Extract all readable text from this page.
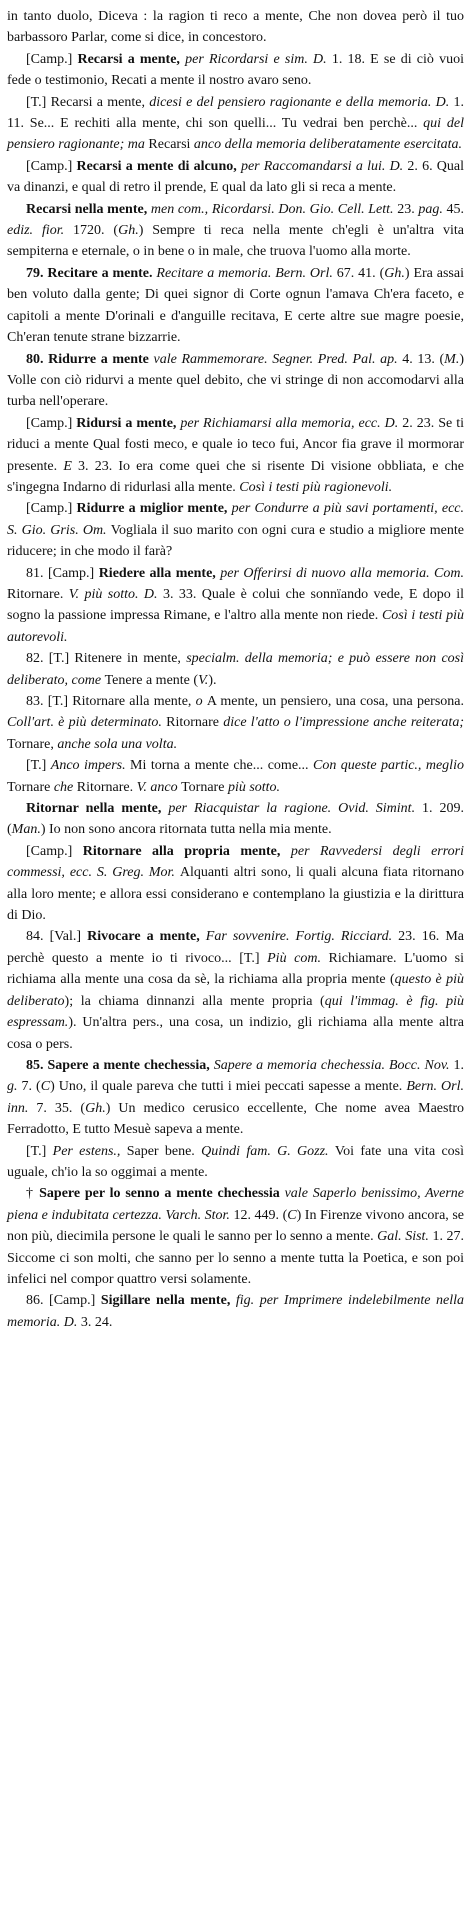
in tanto duolo, Diceva : la ragion ti reco a mente, Che non dovea però il tuo barbassoro Parlar, come si dice, in concestoro.

[Camp.] Recarsi a mente, per Ricordarsi e sim. D. 1. 18. E se di ciò vuoi fede o testimonio, Recati a mente il nostro avaro seno.

[T.] Recarsi a mente, dicesi e del pensiero ragionante e della memoria. D. 1. 11. Se... E rechiti alla mente, chi son quelli... Tu vedrai ben perchè... qui del pensiero ragionante; ma Recarsi anco della memoria deliberatamente esercitata.

[Camp.] Recarsi a mente di alcuno, per Raccomandarsi a lui. D. 2. 6. Qual va dinanzi, e qual di retro il prende, E qual da lato gli si reca a mente.

Recarsi nella mente, men com., Ricordarsi. Don. Gio. Cell. Lett. 23. pag. 45. ediz. fior. 1720. (Gh.) Sempre ti reca nella mente ch'egli è un'altra vita sempiterna e eternale, o in bene o in male, che truova l'uomo alla morte.

79. Recitare a mente. Recitare a memoria. Bern. Orl. 67. 41. (Gh.) Era assai ben voluto dalla gente; Di quei signor di Corte ognun l'amava Ch'era faceto, e capitoli a mente D'orinali e d'anguille recitava, E certe altre sue magre poesie, Ch'eran tenute strane bizzarrie.

80. Ridurre a mente vale Rammemorare. Segner. Pred. Pal. ap. 4. 13. (M.) Volle con ciò ridurvi a mente quel debito, che vi stringe di non accomodarvi alla turba nell'operare.

[Camp.] Ridursi a mente, per Richiamarsi alla memoria, ecc. D. 2. 23. Se ti riduci a mente Qual fosti meco, e quale io teco fui, Ancor fia grave il mormorar presente. E 3. 23. Io era come quei che si risente Di visione obbliata, e che s'ingegna Indarno di ridurlasi alla mente. Così i testi più ragionevoli.

[Camp.] Ridurre a miglior mente, per Condurre a più savi portamenti, ecc. S. Gio. Gris. Om. Vogliala il suo marito con ogni cura e studio a migliore mente riducere; in che modo il farà?

81. [Camp.] Riedere alla mente, per Offerirsi di nuovo alla memoria. Com. Ritornare. V. più sotto. D. 3. 33. Quale è colui che sonnïando vede, E dopo il sogno la passione impressa Rimane, e l'altro alla mente non riede. Così i testi più autorevoli.

82. [T.] Ritenere in mente, specialm. della memoria; e può essere non così deliberato, come Tenere a mente (V.).

83. [T.] Ritornare alla mente, o A mente, un pensiero, una cosa, una persona. Coll'art. è più determinato. Ritornare dice l'atto o l'impressione anche reiterata; Tornare, anche sola una volta.

[T.] Anco impers. Mi torna a mente che... come... Con queste partic., meglio Tornare che Ritornare. V. anco Tornare più sotto.

Ritornar nella mente, per Riacquistar la ragione. Ovid. Simint. 1. 209. (Man.) Io non sono ancora ritornata tutta nella mia mente.

[Camp.] Ritornare alla propria mente, per Ravvedersi degli errori commessi, ecc. S. Greg. Mor. Alquanti altri sono, li quali alcuna fiata ritornano alla loro mente; e allora essi considerano e contemplano la giustizia e la dirittura di Dio.

84. [Val.] Rivocare a mente, Far sovvenire. Fortig. Ricciard. 23. 16. Ma perchè questo a mente io ti rivoco... [T.] Più com. Richiamare. L'uomo si richiama alla mente una cosa da sè, la richiama alla propria mente (questo è più deliberato); la chiama dinnanzi alla mente propria (qui l'immag. è fig. più espressam.). Un'altra pers., una cosa, un indizio, gli richiama alla mente altra cosa o pers.

85. Sapere a mente chechessia, Sapere a memoria chechessia. Bocc. Nov. 1. g. 7. (C) Uno, il quale pareva che tutti i miei peccati sapesse a mente. Bern. Orl. inn. 7. 35. (Gh.) Un medico cerusico eccellente, Che nome avea Maestro Ferradotto, E tutto Mesuè sapeva a mente.

[T.] Per estens., Saper bene. Quindi fam. G. Gozz. Voi fate una vita così uguale, ch'io la so oggimai a mente.

† Sapere per lo senno a mente chechessia vale Saperlo benissimo, Averne piena e indubitata certezza. Varch. Stor. 12. 449. (C) In Firenze vivono ancora, se non più, diecimila persone le quali le sanno per lo senno a mente. Gal. Sist. 1. 27. Siccome ci son molti, che sanno per lo senno a mente tutta la Poetica, e son poi infelici nel compor quattro versi solamente.

86. [Camp.] Sigillare nella mente, fig. per Imprimere indelebilmente nella memoria. D. 3. 24.
